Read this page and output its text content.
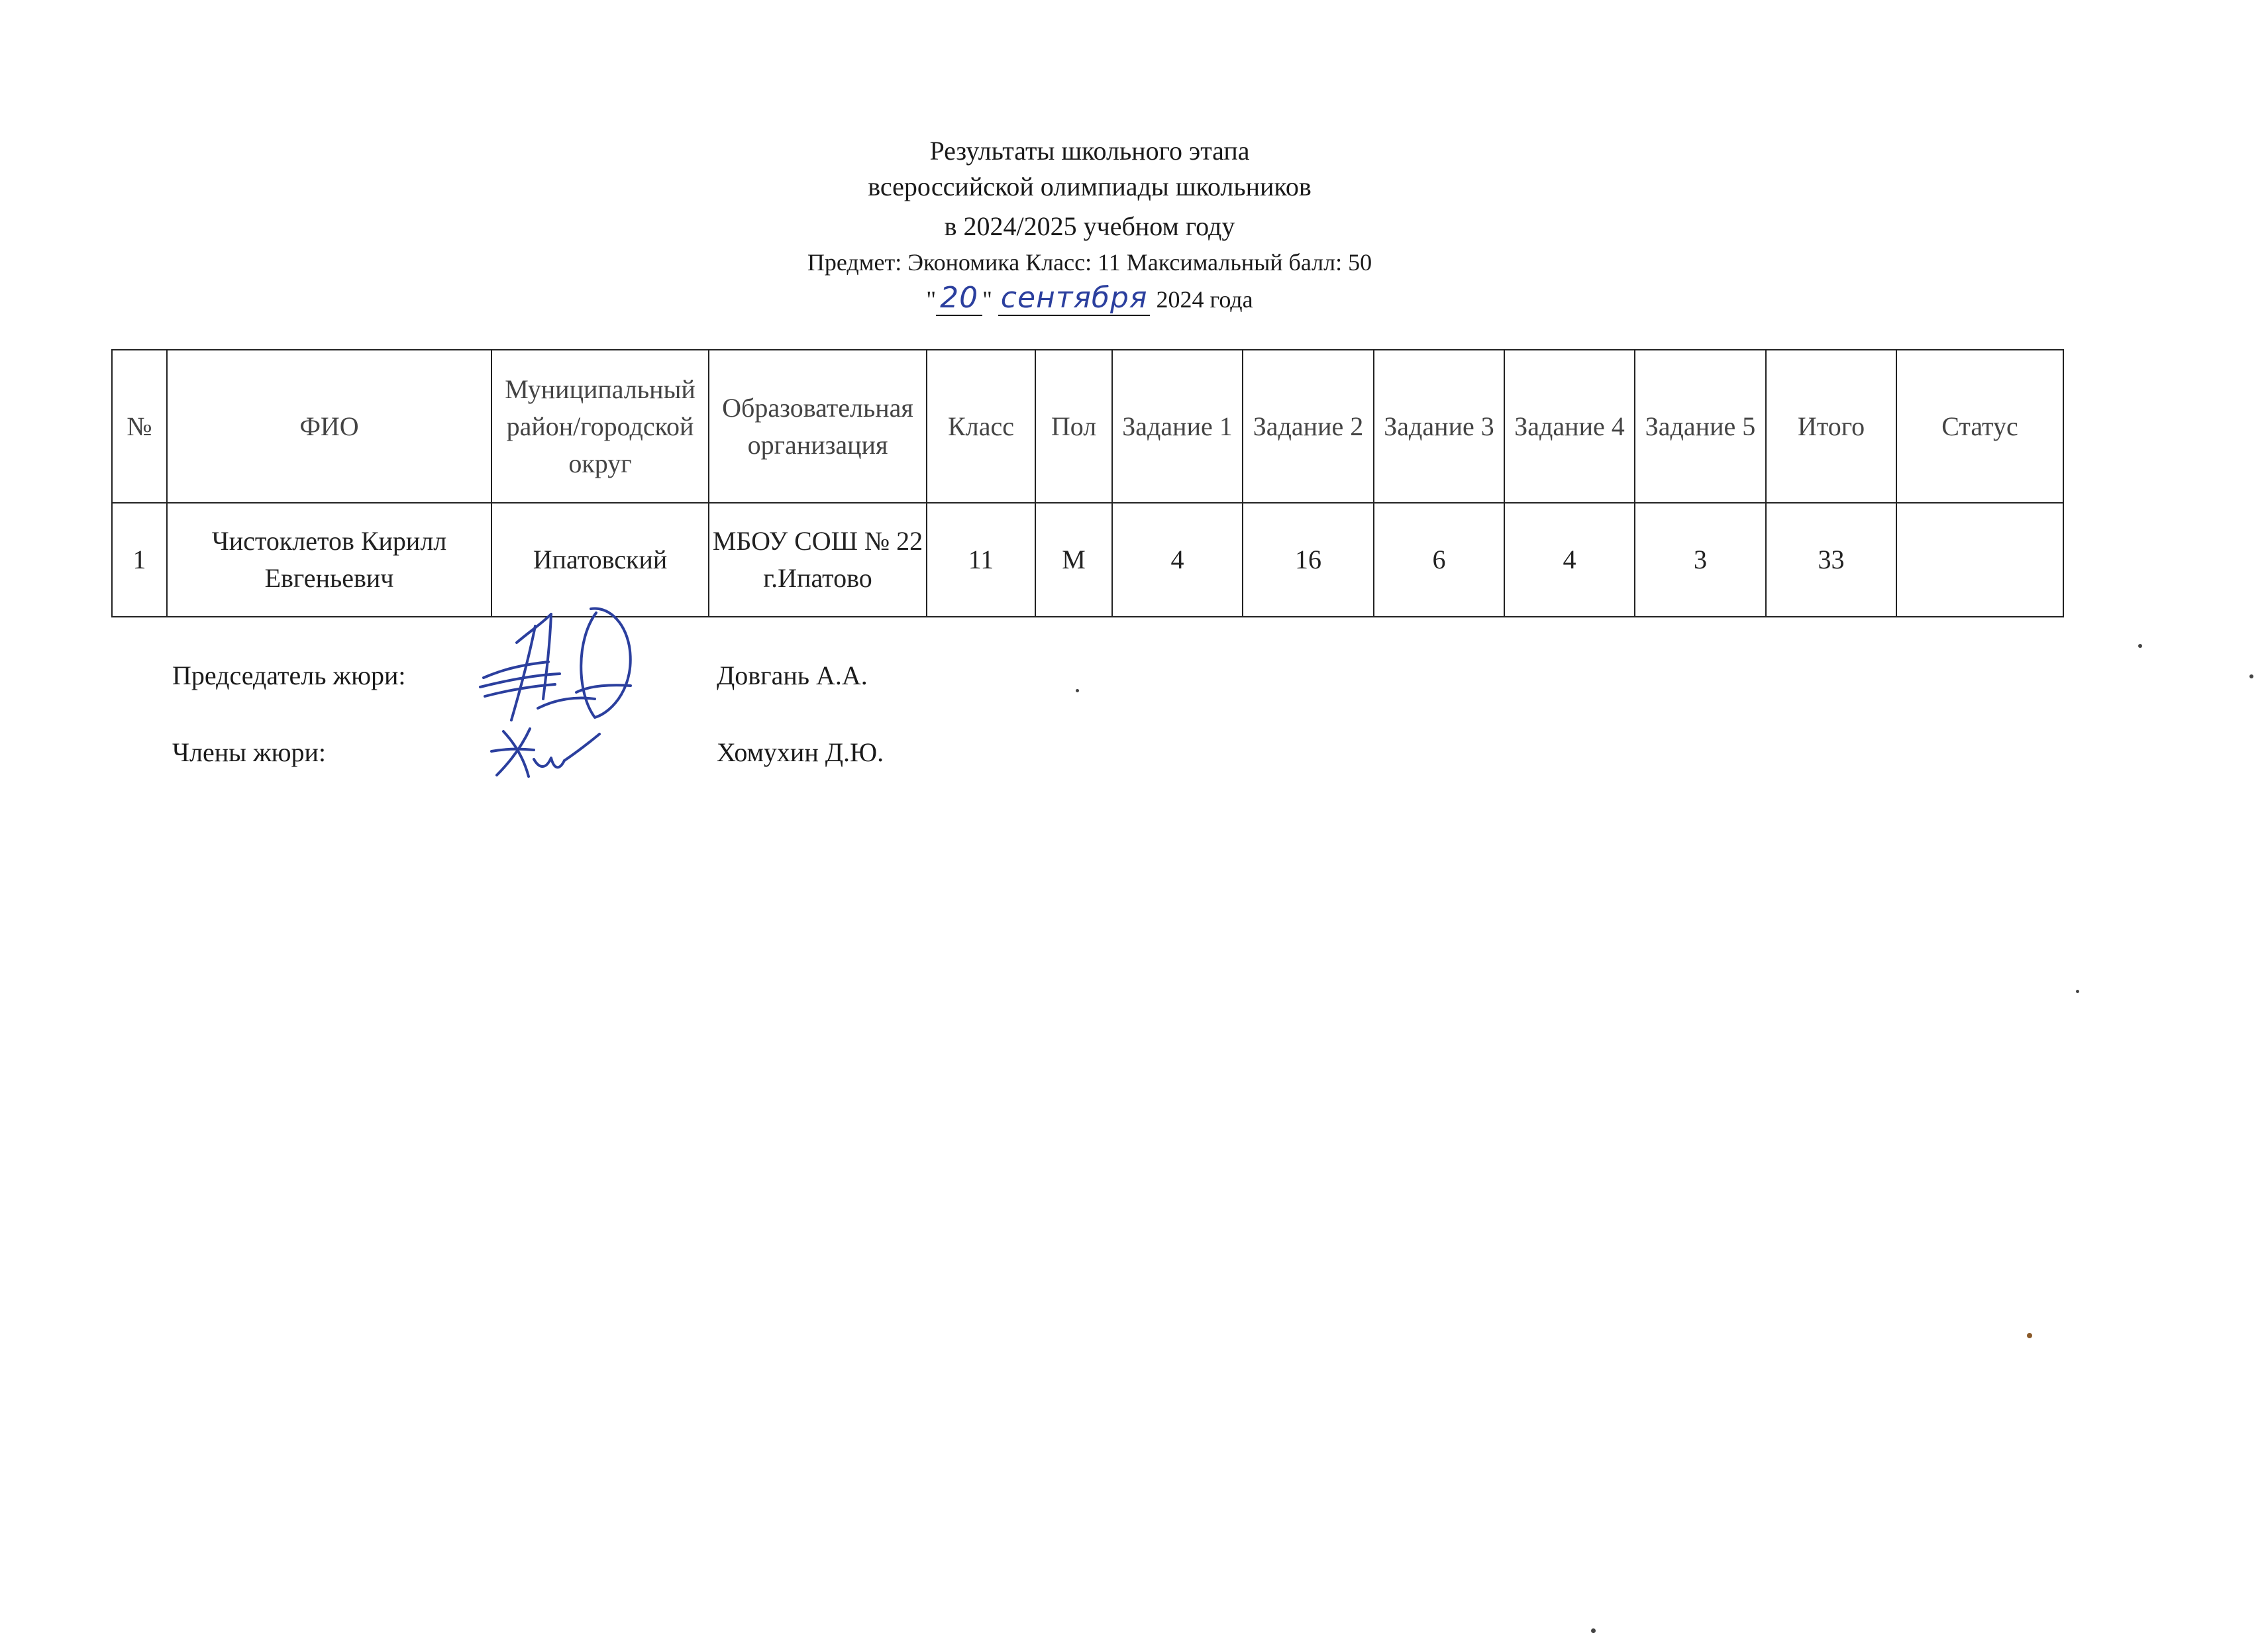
Результаты школьного этапа
всероссийской олимпиады школьников
в 2024/2025 учебном году
Предмет: Экономика Класс: 11 Максимальный балл: 50
" 20 " сентября 2024 года
№	ФИО	Муниципальный район/городской округ	Образовательная организация	Класс	Пол	Задание 1	Задание 2	Задание 3	Задание 4	Задание 5	Итого	Статус
1	Чистоклетов Кирилл Евгеньевич	Ипатовский	МБОУ СОШ № 22 г.Ипатово	11	М	4	16	6	4	3	33	
Председатель жюри:	Довгань А.А.
Члены жюри:	Хомухин Д.Ю.
